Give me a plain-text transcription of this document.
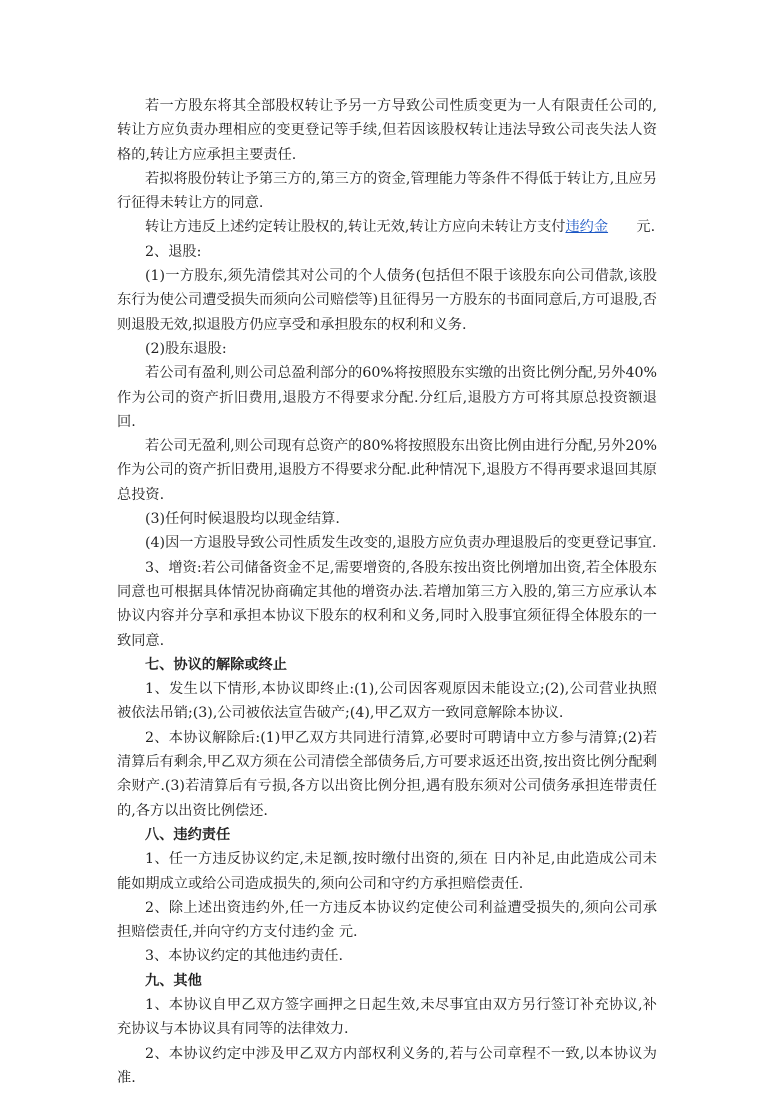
若一方股东将其全部股权转让予另一方导致公司性质变更为一人有限责任公司的,转让方应负责办理相应的变更登记等手续,但若因该股权转让违法导致公司丧失法人资格的,转让方应承担主要责任.

若拟将股份转让予第三方的,第三方的资金,管理能力等条件不得低于转让方,且应另行征得未转让方的同意.

转让方违反上述约定转让股权的,转让无效,转让方应向未转让方支付违约金　　元.

2、退股:

(1)一方股东,须先清偿其对公司的个人债务(包括但不限于该股东向公司借款,该股东行为使公司遭受损失而须向公司赔偿等)且征得另一方股东的书面同意后,方可退股,否则退股无效,拟退股方仍应享受和承担股东的权利和义务.

(2)股东退股:

若公司有盈利,则公司总盈利部分的60%将按照股东实缴的出资比例分配,另外40%作为公司的资产折旧费用,退股方不得要求分配.分红后,退股方方可将其原总投资额退回.

若公司无盈利,则公司现有总资产的80%将按照股东出资比例由进行分配,另外20%作为公司的资产折旧费用,退股方不得要求分配.此种情况下,退股方不得再要求退回其原总投资.

(3)任何时候退股均以现金结算.

(4)因一方退股导致公司性质发生改变的,退股方应负责办理退股后的变更登记事宜.

3、增资:若公司储备资金不足,需要增资的,各股东按出资比例增加出资,若全体股东同意也可根据具体情况协商确定其他的增资办法.若增加第三方入股的,第三方应承认本协议内容并分享和承担本协议下股东的权利和义务,同时入股事宜须征得全体股东的一致同意.

七、协议的解除或终止

1、发生以下情形,本协议即终止:(1),公司因客观原因未能设立;(2),公司营业执照被依法吊销;(3),公司被依法宣告破产;(4),甲乙双方一致同意解除本协议.

2、本协议解除后:(1)甲乙双方共同进行清算,必要时可聘请中立方参与清算;(2)若清算后有剩余,甲乙双方须在公司清偿全部债务后,方可要求返还出资,按出资比例分配剩余财产.(3)若清算后有亏损,各方以出资比例分担,遇有股东须对公司债务承担连带责任的,各方以出资比例偿还.

八、违约责任

1、任一方违反协议约定,未足额,按时缴付出资的,须在 日内补足,由此造成公司未能如期成立或给公司造成损失的,须向公司和守约方承担赔偿责任.

2、除上述出资违约外,任一方违反本协议约定使公司利益遭受损失的,须向公司承担赔偿责任,并向守约方支付违约金 元.

3、本协议约定的其他违约责任.

九、其他

1、本协议自甲乙双方签字画押之日起生效,未尽事宜由双方另行签订补充协议,补充协议与本协议具有同等的法律效力.

2、本协议约定中涉及甲乙双方内部权利义务的,若与公司章程不一致,以本协议为准.
